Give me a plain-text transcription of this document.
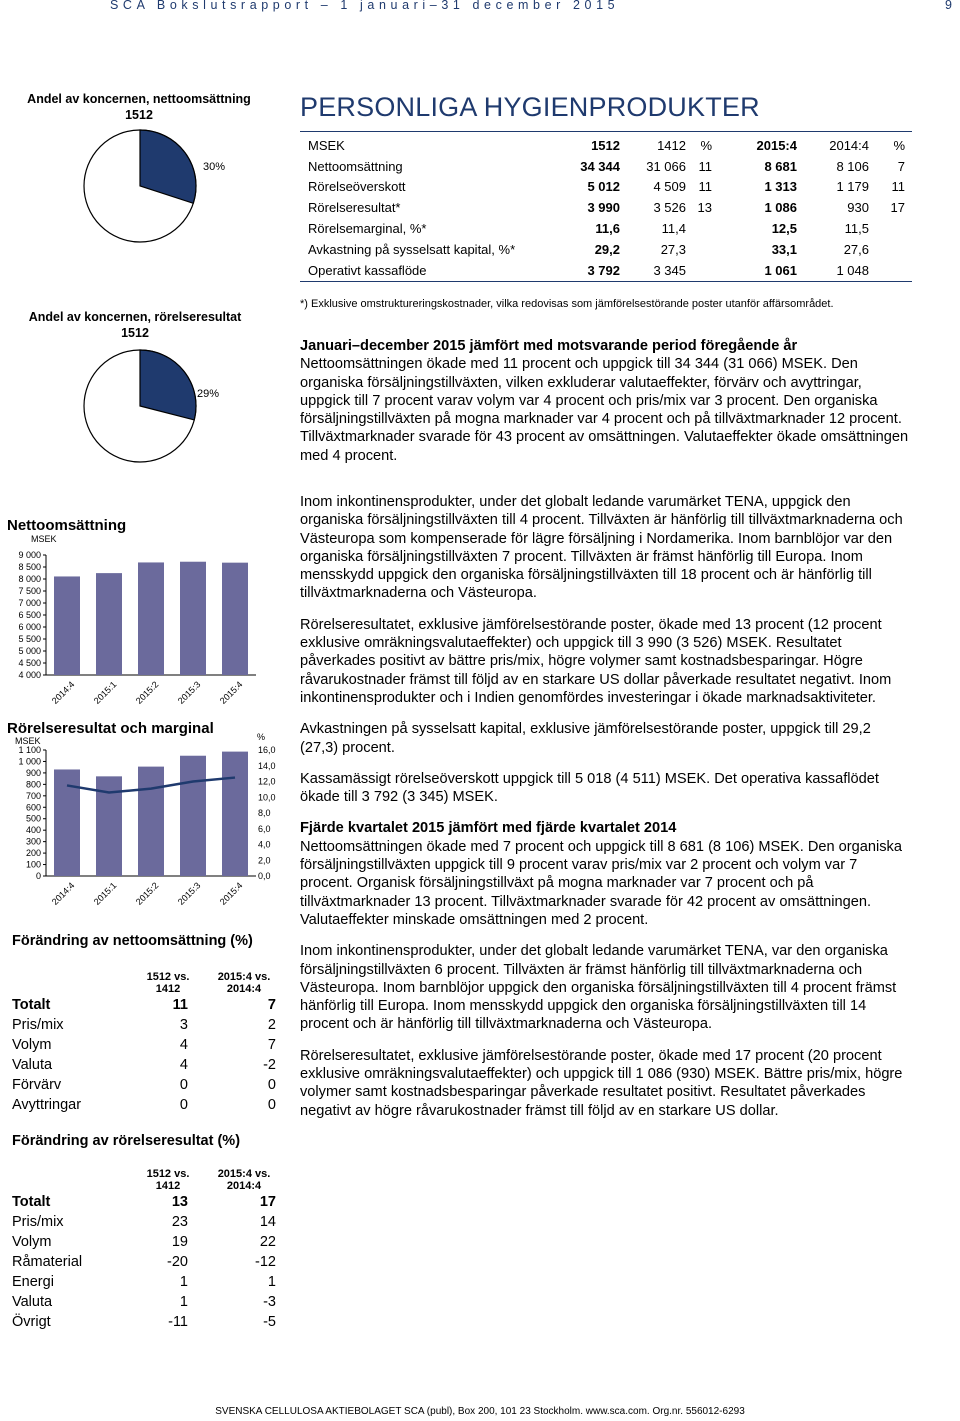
SCA Bokslutsrapport – 1 januari–31 december 2015	9
Andel av koncernen, nettoomsättning
1512
30%
Andel av koncernen, rörelseresultat
1512
29%
Nettoomsättning
MSEK
9 000
8 500
8 000
7 500
7 000
6 500
6 000
5 500
5 000
4 500
4 000
2014:4 2015:1 2015:2 2015:3 2015:4
Rörelseresultat och marginal
MSEK	%
1 100
1 000
900
800
700
600
500
400
300
200
100
0
16,0
14,0
12,0
10,0
8,0
6,0
4,0
2,0
0,0
2014:4 2015:1 2015:2 2015:3 2015:4
Förändring av nettoomsättning (%)
	1512 vs.
1412	2015:4 vs.
2014:4
Totalt	11	7
Pris/mix	3	2
Volym	4	7
Valuta	4	-2
Förvärv	0	0
Avyttringar	0	0
Förändring av rörelseresultat (%)
	1512 vs.
1412	2015:4 vs.
2014:4
Totalt	13	17
Pris/mix	23	14
Volym	19	22
Råmaterial	-20	-12
Energi	1	1
Valuta	1	-3
Övrigt	-11	-5
PERSONLIGA HYGIENPRODUKTER
MSEK	1512	1412	%	2015:4	2014:4	%
Nettoomsättning	34 344	31 066	11	8 681	8 106	7
Rörelseöverskott	5 012	4 509	11	1 313	1 179	11
Rörelseresultat*	3 990	3 526	13	1 086	930	17
Rörelsemarginal, %*	11,6	11,4		12,5	11,5	
Avkastning på sysselsatt kapital, %*	29,2	27,3		33,1	27,6	
Operativt kassaflöde	3 792	3 345		1 061	1 048	
*) Exklusive omstruktureringskostnader, vilka redovisas som jämförelsestörande poster utanför affärsområdet.

Januari–december 2015 jämfört med motsvarande period föregående år

Nettoomsättningen ökade med 11 procent och uppgick till 34 344 (31 066) MSEK. Den organiska försäljningstillväxten, vilken exkluderar valutaeffekter, förvärv och avyttringar, uppgick till 7 procent varav volym var 4 procent och pris/mix var 3 procent. Den organiska försäljningstillväxten på mogna marknader var 4 procent och på tillväxtmarknader 12 procent. Tillväxtmarknader svarade för 43 procent av omsättningen. Valutaeffekter ökade omsättningen med 4 procent.

Inom inkontinensprodukter, under det globalt ledande varumärket TENA, uppgick den organiska försäljningstillväxten till 4 procent. Tillväxten är hänförlig till tillväxtmarknaderna och Västeuropa som kompenserade för lägre försäljning i Nordamerika. Inom barnblöjor var den organiska försäljningstillväxten 7 procent. Tillväxten är främst hänförlig till Europa. Inom mensskydd uppgick den organiska försäljningstillväxten till 18 procent och är hänförlig till tillväxtmarknaderna och Västeuropa.

Rörelseresultatet, exklusive jämförelsestörande poster, ökade med 13 procent (12 procent exklusive omräkningsvalutaeffekter) och uppgick till 3 990 (3 526) MSEK. Resultatet påverkades positivt av bättre pris/mix, högre volymer samt kostnadsbesparingar. Högre råvarukostnader främst till följd av en starkare US dollar påverkade resultatet negativt. Inom inkontinensprodukter och i Indien genomfördes investeringar i ökade marknadsaktiviteter.

Avkastningen på sysselsatt kapital, exklusive jämförelsestörande poster, uppgick till 29,2 (27,3) procent.

Kassamässigt rörelseöverskott uppgick till 5 018 (4 511) MSEK. Det operativa kassaflödet ökade till 3 792 (3 345) MSEK.

Fjärde kvartalet 2015 jämfört med fjärde kvartalet 2014

Nettoomsättningen ökade med 7 procent och uppgick till 8 681 (8 106) MSEK. Den organiska försäljningstillväxten uppgick till 9 procent varav pris/mix var 2 procent och volym var 7 procent. Organisk försäljningstillväxt på mogna marknader var 7 procent och på tillväxtmarknader 13 procent. Tillväxtmarknader svarade för 42 procent av omsättningen. Valutaeffekter minskade omsättningen med 2 procent.

Inom inkontinensprodukter, under det globalt ledande varumärket TENA, var den organiska försäljningstillväxten 6 procent. Tillväxten är främst hänförlig till tillväxtmarknaderna och Västeuropa. Inom barnblöjor uppgick den organiska försäljningstillväxten till 4 procent främst hänförlig till Europa. Inom mensskydd uppgick den organiska försäljningstillväxten till 14 procent och är hänförlig till tillväxtmarknaderna och Västeuropa.

Rörelseresultatet, exklusive jämförelsestörande poster, ökade med 17 procent (20 procent exklusive omräkningsvalutaeffekter) och uppgick till 1 086 (930) MSEK. Bättre pris/mix, högre volymer samt kostnadsbesparingar påverkade resultatet positivt. Resultatet påverkades negativt av högre råvarukostnader främst till följd av en starkare US dollar.

SVENSKA CELLULOSA AKTIEBOLAGET SCA (publ), Box 200, 101 23 Stockholm. www.sca.com. Org.nr. 556012-6293
